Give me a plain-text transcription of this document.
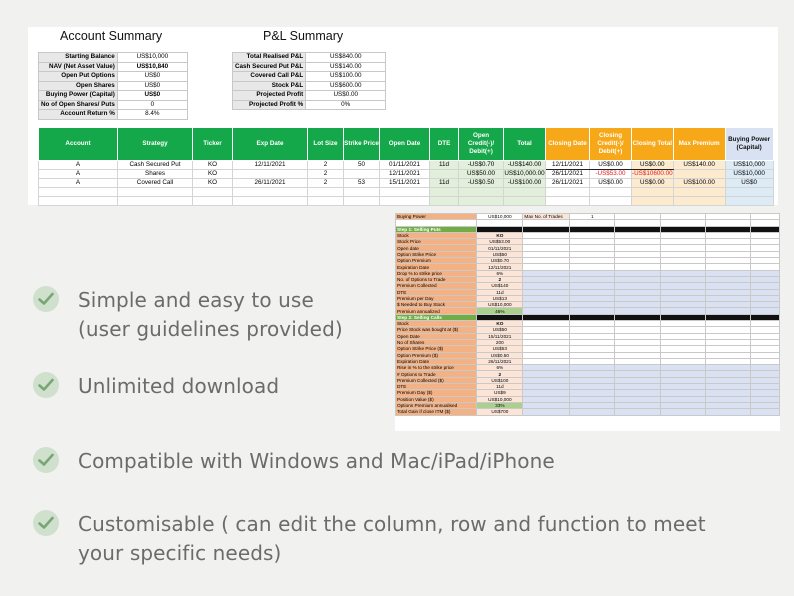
Account Summary	P&L Summary
Starting Balance	US$10,000
NAV (Net Asset Value)	US$10,840
Open Put Options	US$0
Open Shares	US$0
Buying Power (Capital)	US$0
No of Open Shares/ Puts	0
Account Return %	8.4%
Total Realised P&L	US$840.00
Cash Secured Put P&L	US$140.00
Covered Call P&L	US$100.00
Stock P&L	US$600.00
Projected Profit	US$0.00
Projected Profit %	0%
Account	Strategy	Ticker	Exp Date	Lot Size	Strike Price	Open Date	DTE	Open Credit(-)/ Debit(+)	Total	Closing Date	Closing Credit(-)/ Debit(+)	Closing Total	Max Premium	Buying Power (Capital)
A	Cash Secured Put	KO	12/11/2021	2	50	01/11/2021	11d	-US$0.70	-US$140.00	12/11/2021	US$0.00	US$0.00	US$140.00	US$10,000
A	Shares	KO		2		12/11/2021		US$50.00	US$10,000.00	26/11/2021	-US$53.00	-US$10600.00		US$10,000
A	Covered Call	KO	26/11/2021	2	53	15/11/2021	11d	-US$0.50	-US$100.00	26/11/2021	US$0.00	US$0.00	US$100.00	US$0

Buying Power	US$10,000	Max No. of Trades	1				

Step 1: Selling Puts							
Stock	KO						
Stock Price	US$53.00						
Open date	01/11/2021						
Option Strike Price	US$50						
Option Premium	US$0.70						
Expiration Date	12/11/2021						
Drop % to strike price	6%						
No. of Options to Trade	2						
Premium Collected	US$140						
DTE	11d						
Premium per Day	US$13						
$ Needed to Buy Stock	US$10,000						
Premium annualized	46%						
Step 2: Selling Calls							
Stock	KO						
Price Stock was bought at ($)	US$50						
Open Date	15/11/2021						
No of Shares	200						
Option Strike Price ($)	US$53						
Option Premium ($)	US$0.50						
Expiration Date	26/11/2021						
Rise in % to the strike price	6%						
# Options to Trade	2						
Premium Collected ($)	US$100						
DTE	11d						
Premium Day ($)	US$9						
Position Value ($)	US$10,000						
Options Premium annualised	33%						
Total Gain if close ITM ($)	US$700						
Simple and easy to use
(user guidelines provided)
Unlimited download
Compatible with Windows and Mac/iPad/iPhone
Customisable ( can edit the column, row and function to meet
your specific needs)
